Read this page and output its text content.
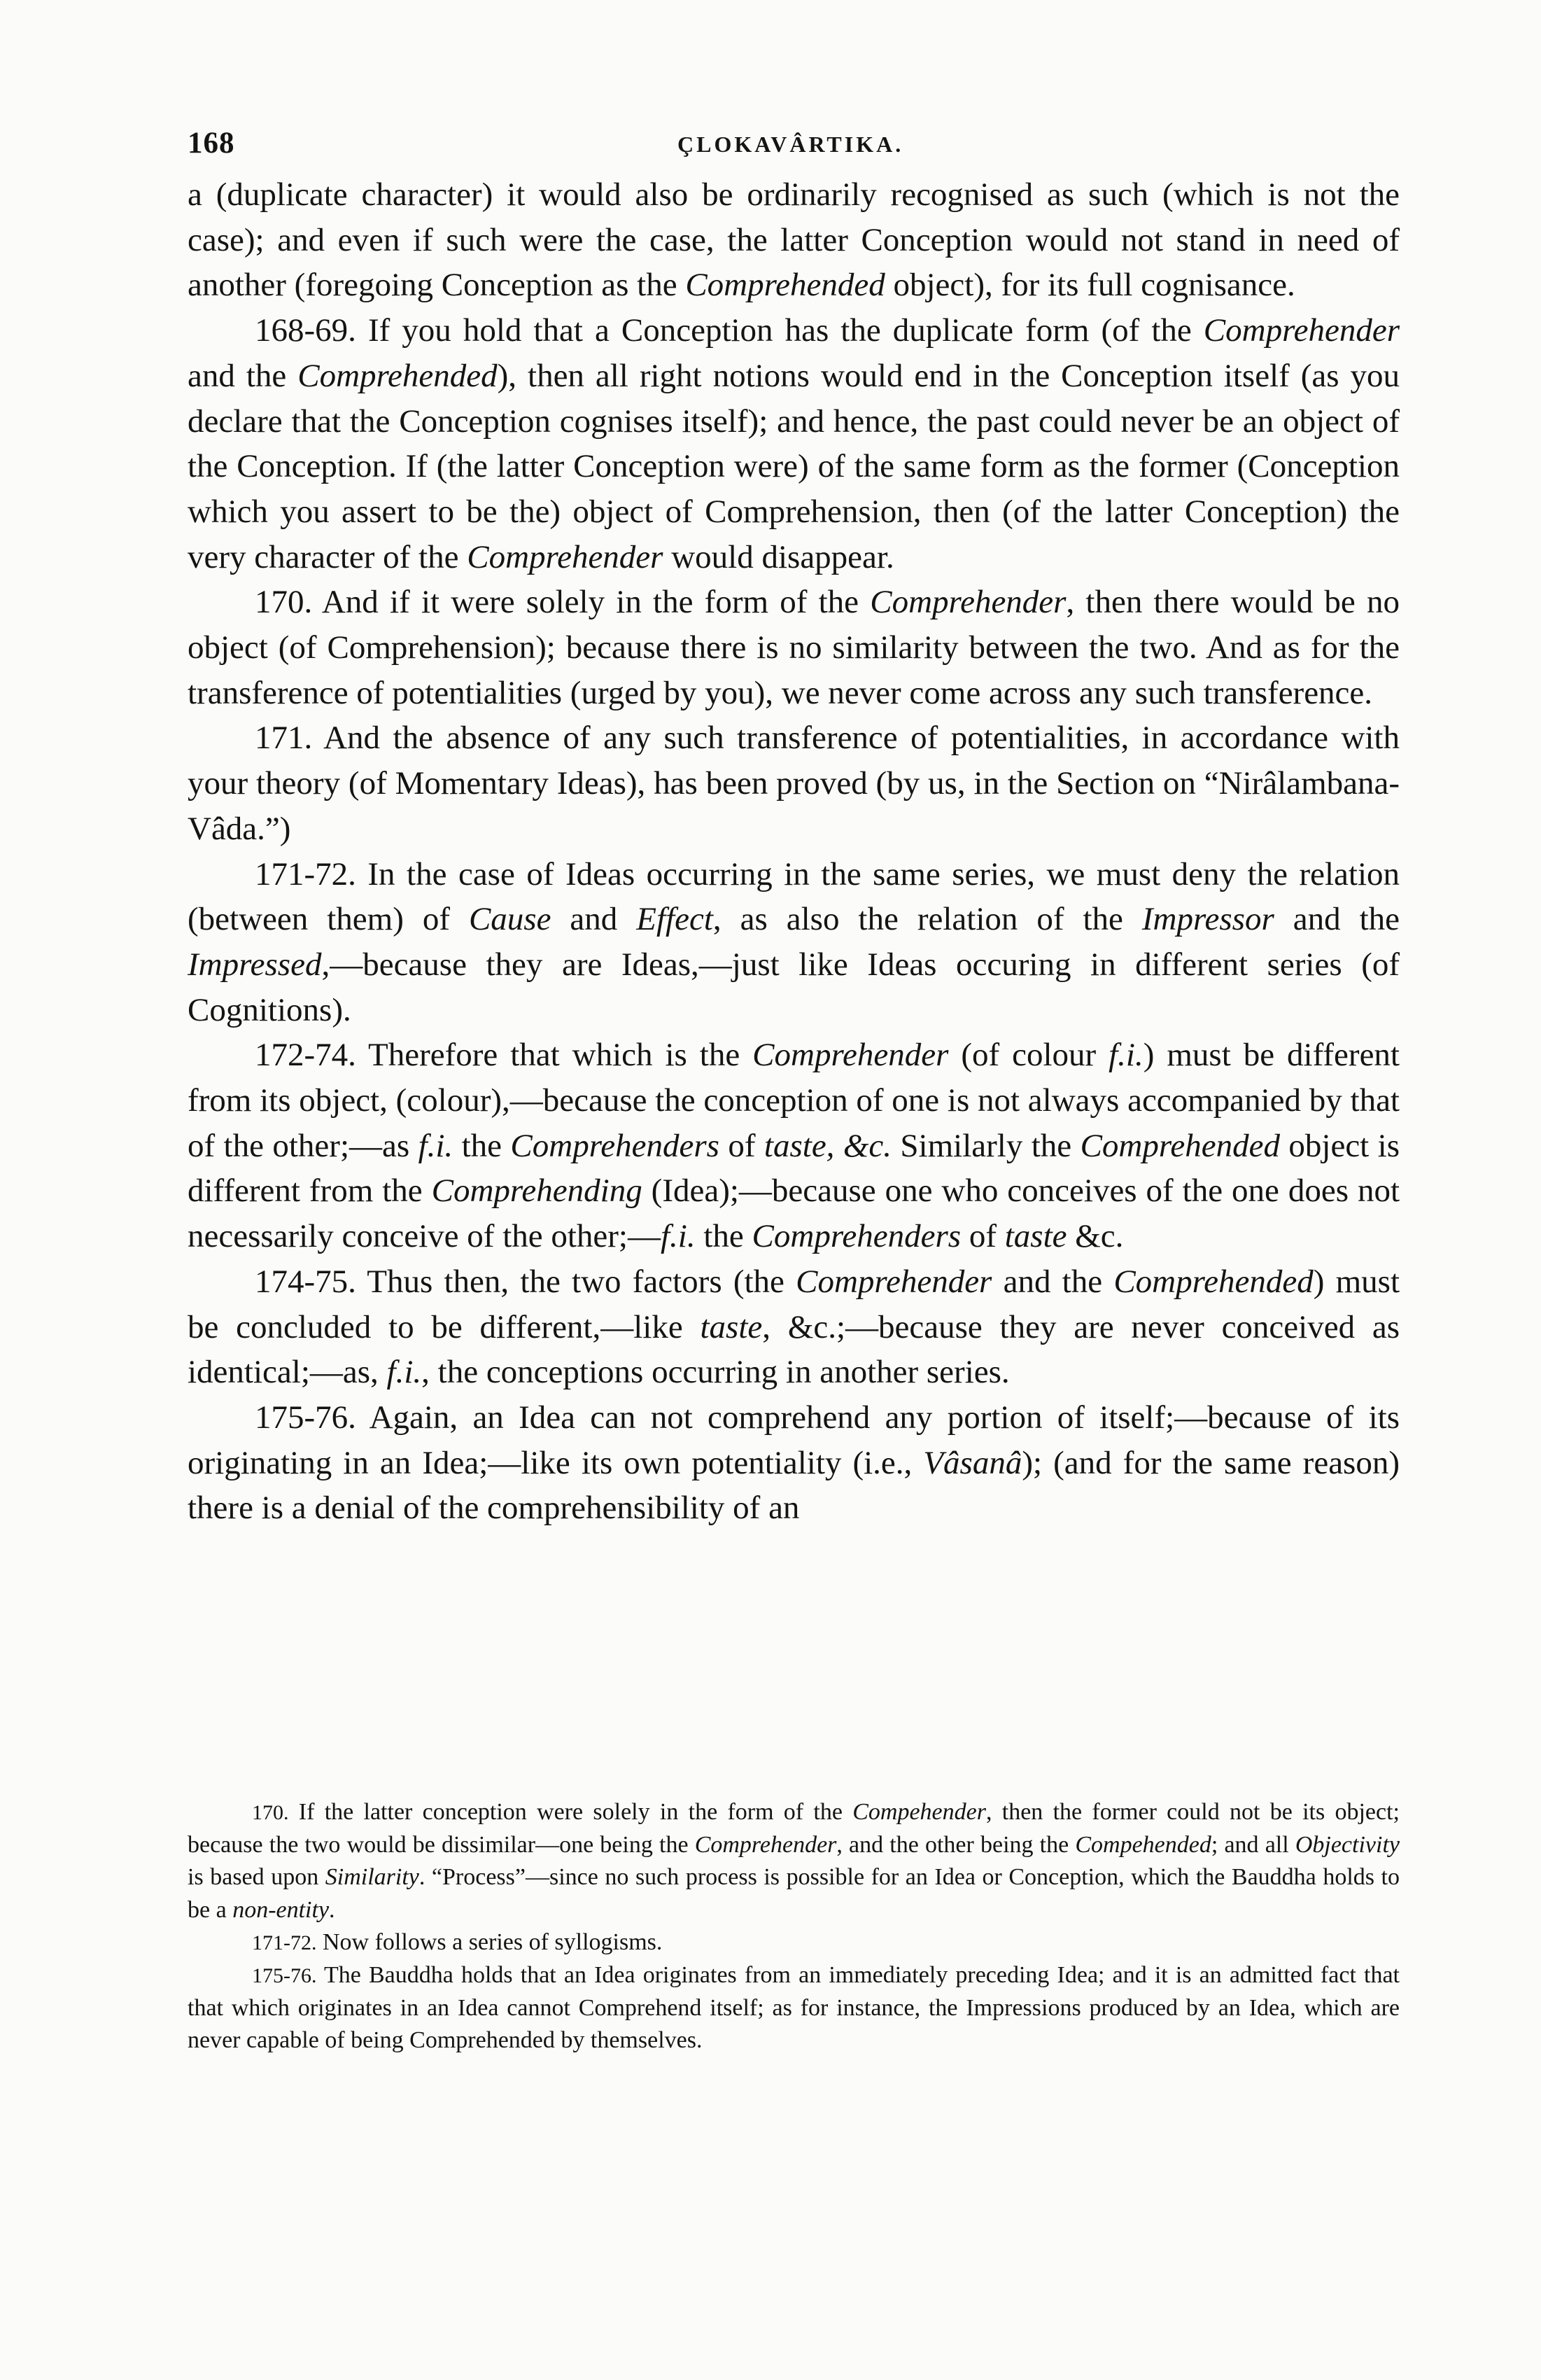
168	ÇLOKAVÂRTIKA.

a (duplicate character) it would also be ordinarily recognised as such (which is not the case); and even if such were the case, the latter Conception would not stand in need of another (foregoing Conception as the Comprehended object), for its full cognisance.

168-69. If you hold that a Conception has the duplicate form (of the Comprehender and the Comprehended), then all right notions would end in the Conception itself (as you declare that the Conception cognises itself); and hence, the past could never be an object of the Conception. If (the latter Conception were) of the same form as the former (Conception which you assert to be the) object of Comprehension, then (of the latter Conception) the very character of the Comprehender would disappear.

170. And if it were solely in the form of the Comprehender, then there would be no object (of Comprehension); because there is no similarity between the two. And as for the transference of potentialities (urged by you), we never come across any such transference.

171. And the absence of any such transference of potentialities, in accordance with your theory (of Momentary Ideas), has been proved (by us, in the Section on “Nirâlambana-Vâda.”)

171-72. In the case of Ideas occurring in the same series, we must deny the relation (between them) of Cause and Effect, as also the relation of the Impressor and the Impressed,—because they are Ideas,—just like Ideas occuring in different series (of Cognitions).

172-74. Therefore that which is the Comprehender (of colour f.i.) must be different from its object, (colour),—because the conception of one is not always accompanied by that of the other;—as f.i. the Comprehenders of taste, &c. Similarly the Comprehended object is different from the Comprehending (Idea);—because one who conceives of the one does not necessarily conceive of the other;—f.i. the Comprehenders of taste &c.

174-75. Thus then, the two factors (the Comprehender and the Comprehended) must be concluded to be different,—like taste, &c.;—because they are never conceived as identical;—as, f.i., the conceptions occurring in another series.

175-76. Again, an Idea can not comprehend any portion of itself;—because of its originating in an Idea;—like its own potentiality (i.e., Vâsanâ); (and for the same reason) there is a denial of the comprehensibility of an

170. If the latter conception were solely in the form of the Compehender, then the former could not be its object; because the two would be dissimilar—one being the Comprehender, and the other being the Compehended; and all Objectivity is based upon Similarity. “Process”—since no such process is possible for an Idea or Conception, which the Bauddha holds to be a non-entity.

171-72. Now follows a series of syllogisms.

175-76. The Bauddha holds that an Idea originates from an immediately preceding Idea; and it is an admitted fact that that which originates in an Idea cannot Comprehend itself; as for instance, the Impressions produced by an Idea, which are never capable of being Comprehended by themselves.
